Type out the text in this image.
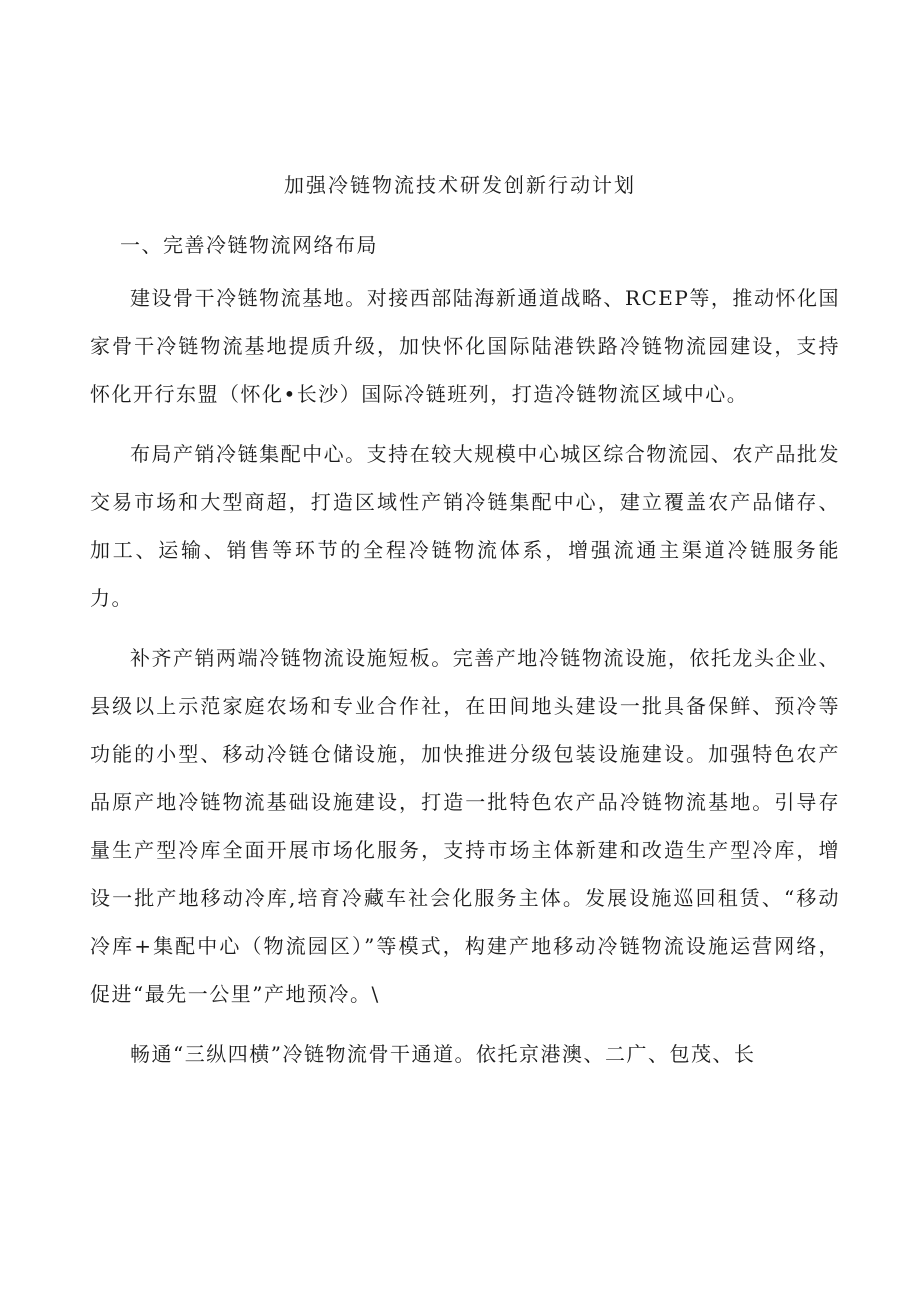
加强冷链物流技术研发创新行动计划
一、完善冷链物流网络布局

建设骨干冷链物流基地。对接西部陆海新通道战略、RCEP等，推动怀化国家骨干冷链物流基地提质升级，加快怀化国际陆港铁路冷链物流园建设，支持怀化开行东盟（怀化•长沙）国际冷链班列，打造冷链物流区域中心。

布局产销冷链集配中心。支持在较大规模中心城区综合物流园、农产品批发交易市场和大型商超，打造区域性产销冷链集配中心，建立覆盖农产品储存、加工、运输、销售等环节的全程冷链物流体系，增强流通主渠道冷链服务能力。

补齐产销两端冷链物流设施短板。完善产地冷链物流设施，依托龙头企业、县级以上示范家庭农场和专业合作社，在田间地头建设一批具备保鲜、预冷等功能的小型、移动冷链仓储设施，加快推进分级包装设施建设。加强特色农产品原产地冷链物流基础设施建设，打造一批特色农产品冷链物流基地。引导存量生产型冷库全面开展市场化服务，支持市场主体新建和改造生产型冷库，增设一批产地移动冷库,培育冷藏车社会化服务主体。发展设施巡回租赁、“移动冷库+集配中心（物流园区）”等模式，构建产地移动冷链物流设施运营网络，促进“最先一公里”产地预冷。\

畅通“三纵四横”冷链物流骨干通道。依托京港澳、二广、包茂、长
